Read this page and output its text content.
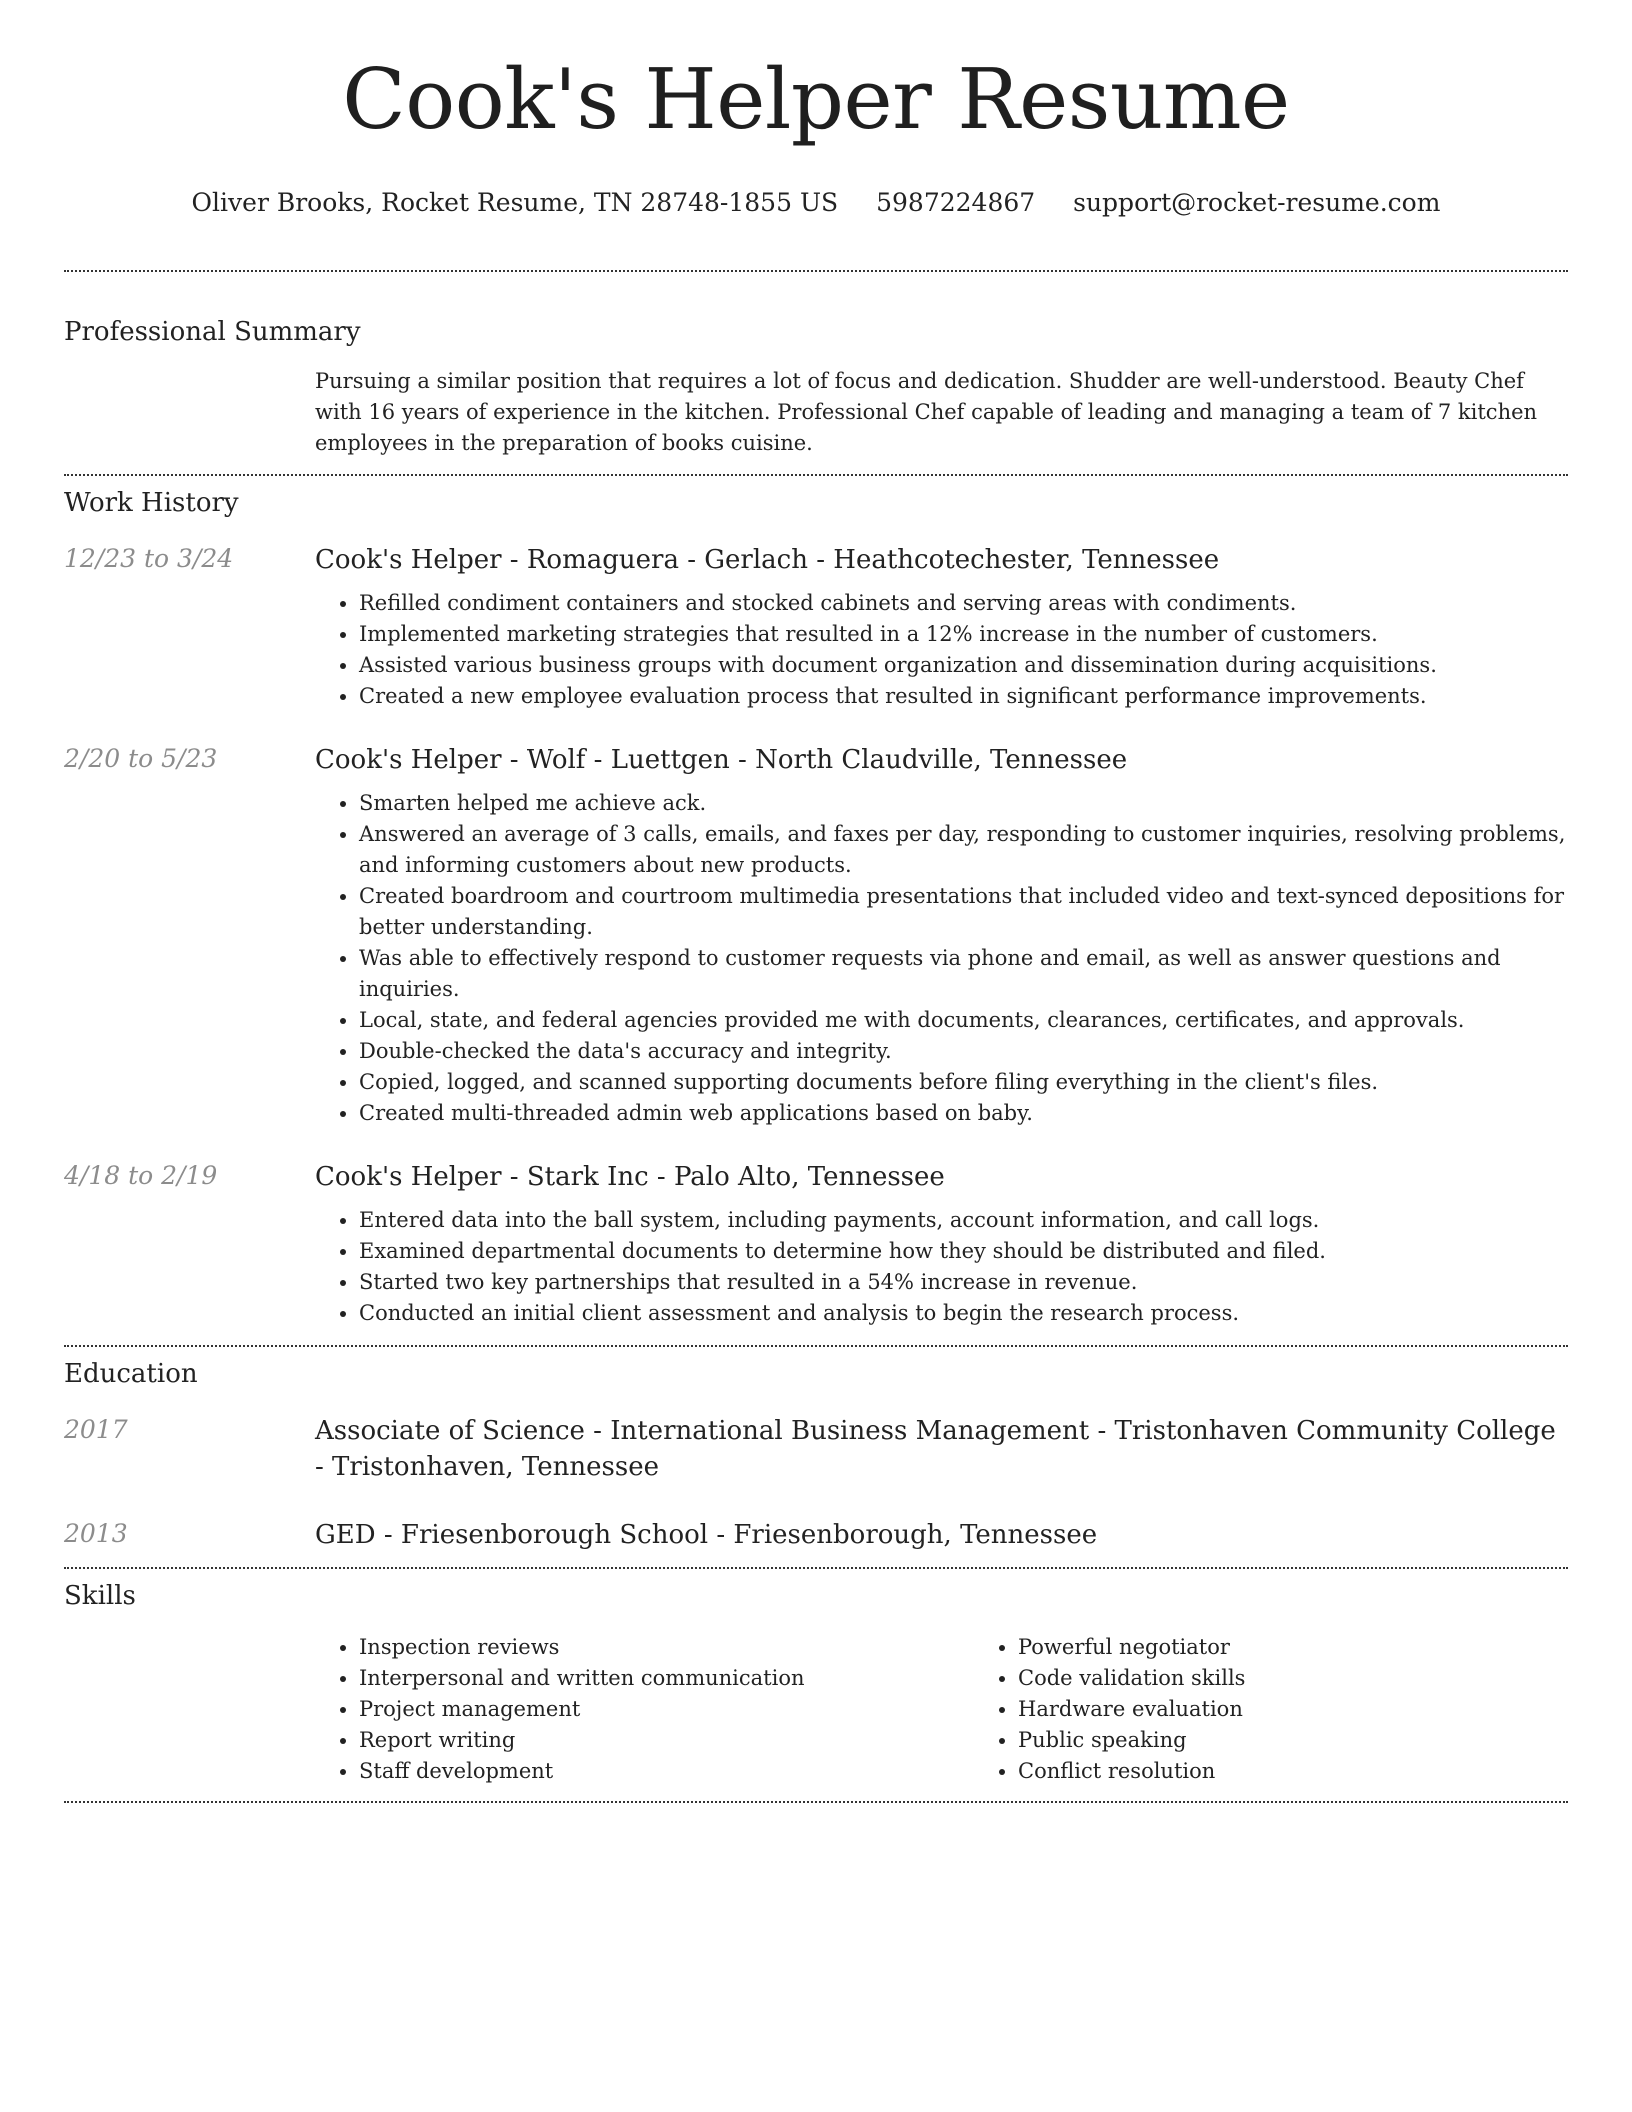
Cook's Helper Resume
Oliver Brooks, Rocket Resume, TN 28748-1855 US 5987224867 support@rocket-resume.com
Professional Summary
Pursuing a similar position that requires a lot of focus and dedication. Shudder are well-understood. Beauty Chef with 16 years of experience in the kitchen. Professional Chef capable of leading and managing a team of 7 kitchen employees in the preparation of books cuisine.
Work History
12/23 to 3/24	Cook's Helper - Romaguera - Gerlach - Heathcotechester, Tennessee
• Refilled condiment containers and stocked cabinets and serving areas with condiments.
• Implemented marketing strategies that resulted in a 12% increase in the number of customers.
• Assisted various business groups with document organization and dissemination during acquisitions.
• Created a new employee evaluation process that resulted in significant performance improvements.
2/20 to 5/23	Cook's Helper - Wolf - Luettgen - North Claudville, Tennessee
• Smarten helped me achieve ack.
• Answered an average of 3 calls, emails, and faxes per day, responding to customer inquiries, resolving problems, and informing customers about new products.
• Created boardroom and courtroom multimedia presentations that included video and text-synced depositions for better understanding.
• Was able to effectively respond to customer requests via phone and email, as well as answer questions and inquiries.
• Local, state, and federal agencies provided me with documents, clearances, certificates, and approvals.
• Double-checked the data's accuracy and integrity.
• Copied, logged, and scanned supporting documents before filing everything in the client's files.
• Created multi-threaded admin web applications based on baby.
4/18 to 2/19	Cook's Helper - Stark Inc - Palo Alto, Tennessee
• Entered data into the ball system, including payments, account information, and call logs.
• Examined departmental documents to determine how they should be distributed and filed.
• Started two key partnerships that resulted in a 54% increase in revenue.
• Conducted an initial client assessment and analysis to begin the research process.
Education
2017	Associate of Science - International Business Management - Tristonhaven Community College - Tristonhaven, Tennessee
2013	GED - Friesenborough School - Friesenborough, Tennessee
Skills
• Inspection reviews
• Interpersonal and written communication
• Project management
• Report writing
• Staff development
• Powerful negotiator
• Code validation skills
• Hardware evaluation
• Public speaking
• Conflict resolution
